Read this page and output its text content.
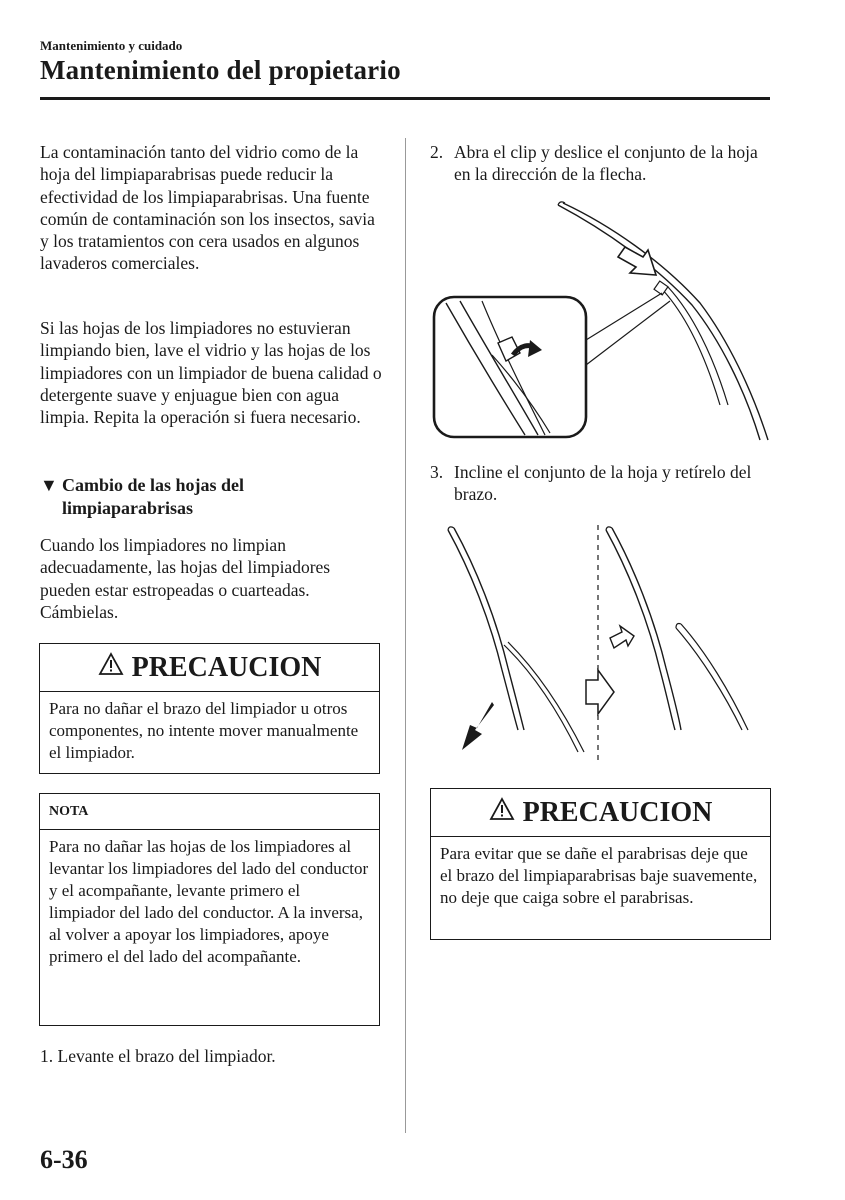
Mantenimiento y cuidado
Mantenimiento del propietario
La contaminación tanto del vidrio como de la hoja del limpiaparabrisas puede reducir la efectividad de los limpiaparabrisas. Una fuente común de contaminación son los insectos, savia y los tratamientos con cera usados en algunos lavaderos comerciales.
Si las hojas de los limpiadores no estuvieran limpiando bien, lave el vidrio y las hojas de los limpiadores con un limpiador de buena calidad o detergente suave y enjuague bien con agua limpia. Repita la operación si fuera necesario.
▼ Cambio de las hojas del limpiaparabrisas
Cuando los limpiadores no limpian adecuadamente, las hojas del limpiadores pueden estar estropeadas o cuarteadas. Cámbielas.
PRECAUCION
Para no dañar el brazo del limpiador u otros componentes, no intente mover manualmente el limpiador.
NOTA
Para no dañar las hojas de los limpiadores al levantar los limpiadores del lado del conductor y el acompañante, levante primero el limpiador del lado del conductor. A la inversa, al volver a apoyar los limpiadores, apoye primero el del lado del acompañante.
1. Levante el brazo del limpiador.
2. Abra el clip y deslice el conjunto de la hoja en la dirección de la flecha.
3. Incline el conjunto de la hoja y retírelo del brazo.
PRECAUCION
Para evitar que se dañe el parabrisas deje que el brazo del limpiaparabrisas baje suavemente, no deje que caiga sobre el parabrisas.
6-36
